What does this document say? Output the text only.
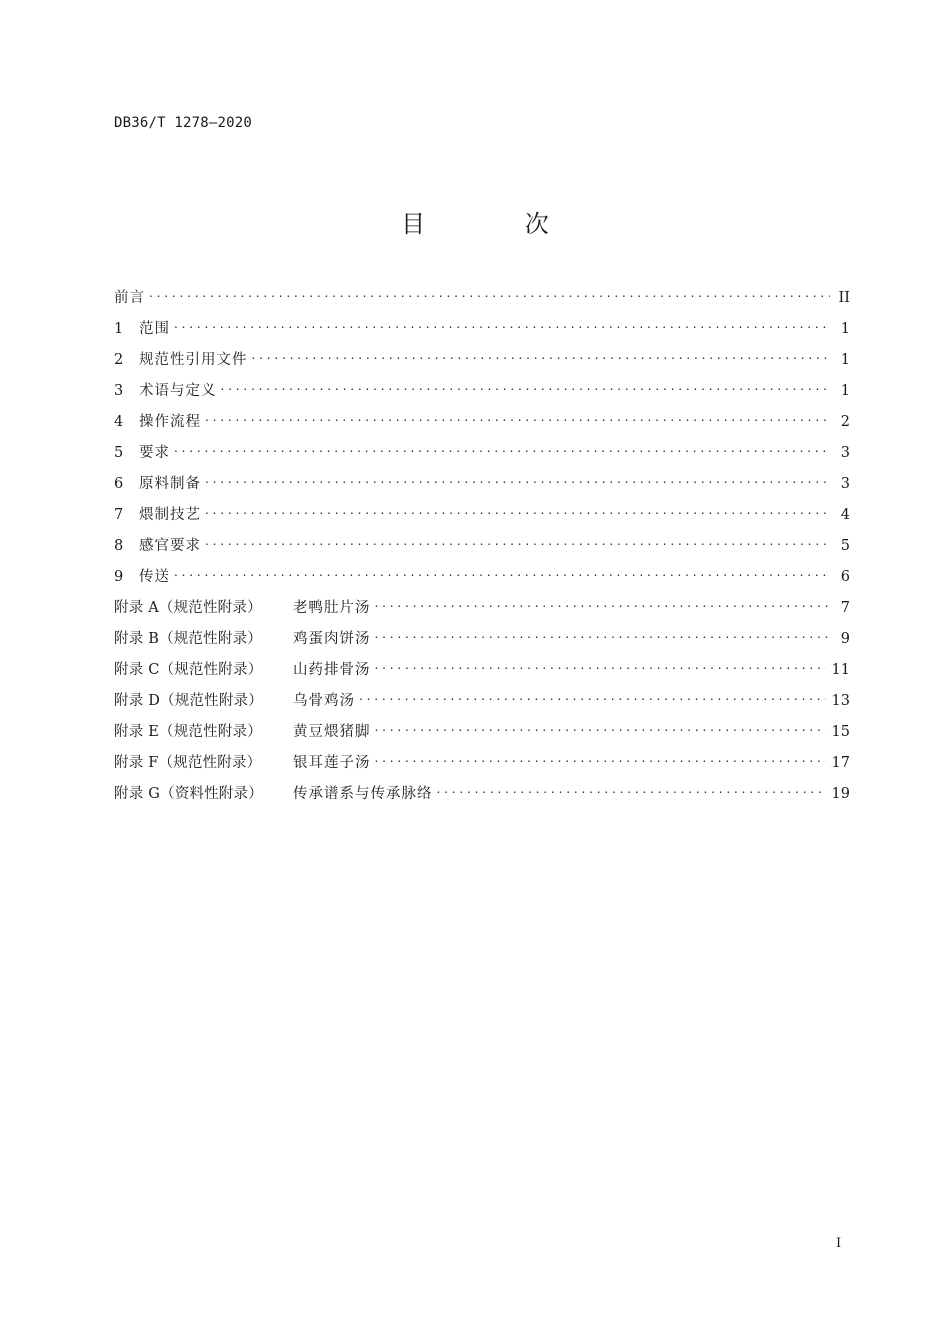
DB36/T 1278—2020
目 次
前言 . . .	II
1	范围 . . .	1
2	规范性引用文件 . . .	1
3	术语与定义 . . .	1
4	操作流程 . . .	2
5	要求 . . .	3
6	原料制备 . . .	3
7	煨制技艺 . . .	4
8	感官要求 . . .	5
9	传送 . . .	6
附录 A（规范性附录）	老鸭肚片汤 . . .	7
附录 B（规范性附录）	鸡蛋肉饼汤 . . .	9
附录 C（规范性附录）	山药排骨汤 . . .	11
附录 D（规范性附录）	乌骨鸡汤 . . .	13
附录 E（规范性附录）	黄豆煨猪脚 . . .	15
附录 F（规范性附录）	银耳莲子汤 . . .	17
附录 G（资料性附录）	传承谱系与传承脉络 . . .	19
I
